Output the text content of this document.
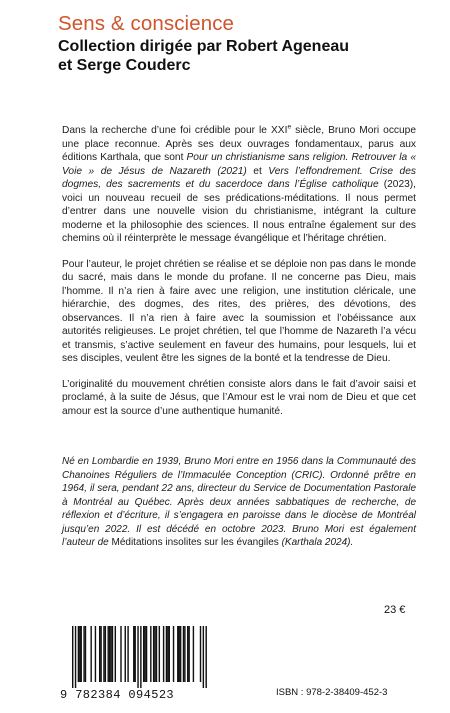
Sens & conscience
Collection dirigée par Robert Ageneau
et Serge Couderc

Dans la recherche d’une foi crédible pour le XXIe siècle, Bruno Mori occupe une place reconnue. Après ses deux ouvrages fondamentaux, parus aux éditions Karthala, que sont Pour un christianisme sans religion. Retrouver la « Voie » de Jésus de Nazareth (2021) et Vers l’effondrement. Crise des dogmes, des sacrements et du sacerdoce dans l’Église catholique (2023), voici un nouveau recueil de ses prédications-méditations. Il nous permet d’entrer dans une nouvelle vision du christianisme, intégrant la culture moderne et la philosophie des sciences. Il nous entraîne également sur des chemins où il réinterprète le message évangélique et l’héritage chrétien.

Pour l’auteur, le projet chrétien se réalise et se déploie non pas dans le monde du sacré, mais dans le monde du profane. Il ne concerne pas Dieu, mais l’homme. Il n’a rien à faire avec une religion, une institution cléricale, une hiérarchie, des dogmes, des rites, des prières, des dévotions, des observances. Il n’a rien à faire avec la soumission et l’obéissance aux autorités religieuses. Le projet chrétien, tel que l’homme de Nazareth l’a vécu et transmis, s’active seulement en faveur des humains, pour lesquels, lui et ses disciples, veulent être les signes de la bonté et la tendresse de Dieu.

L’originalité du mouvement chrétien consiste alors dans le fait d’avoir saisi et proclamé, à la suite de Jésus, que l’Amour est le vrai nom de Dieu et que cet amour est la source d’une authentique humanité.

Né en Lombardie en 1939, Bruno Mori entre en 1956 dans la Communauté des Chanoines Réguliers de l’Immaculée Conception (CRIC). Ordonné prêtre en 1964, il sera, pendant 22 ans, directeur du Service de Documentation Pastorale à Montréal au Québec. Après deux années sabbatiques de recherche, de réflexion et d’écriture, il s’engagera en paroisse dans le diocèse de Montréal jusqu’en 2022. Il est décédé en octobre 2023. Bruno Mori est également l’auteur de Méditations insolites sur les évangiles (Karthala 2024).
23 €
9 782384 094523	ISBN : 978-2-38409-452-3
